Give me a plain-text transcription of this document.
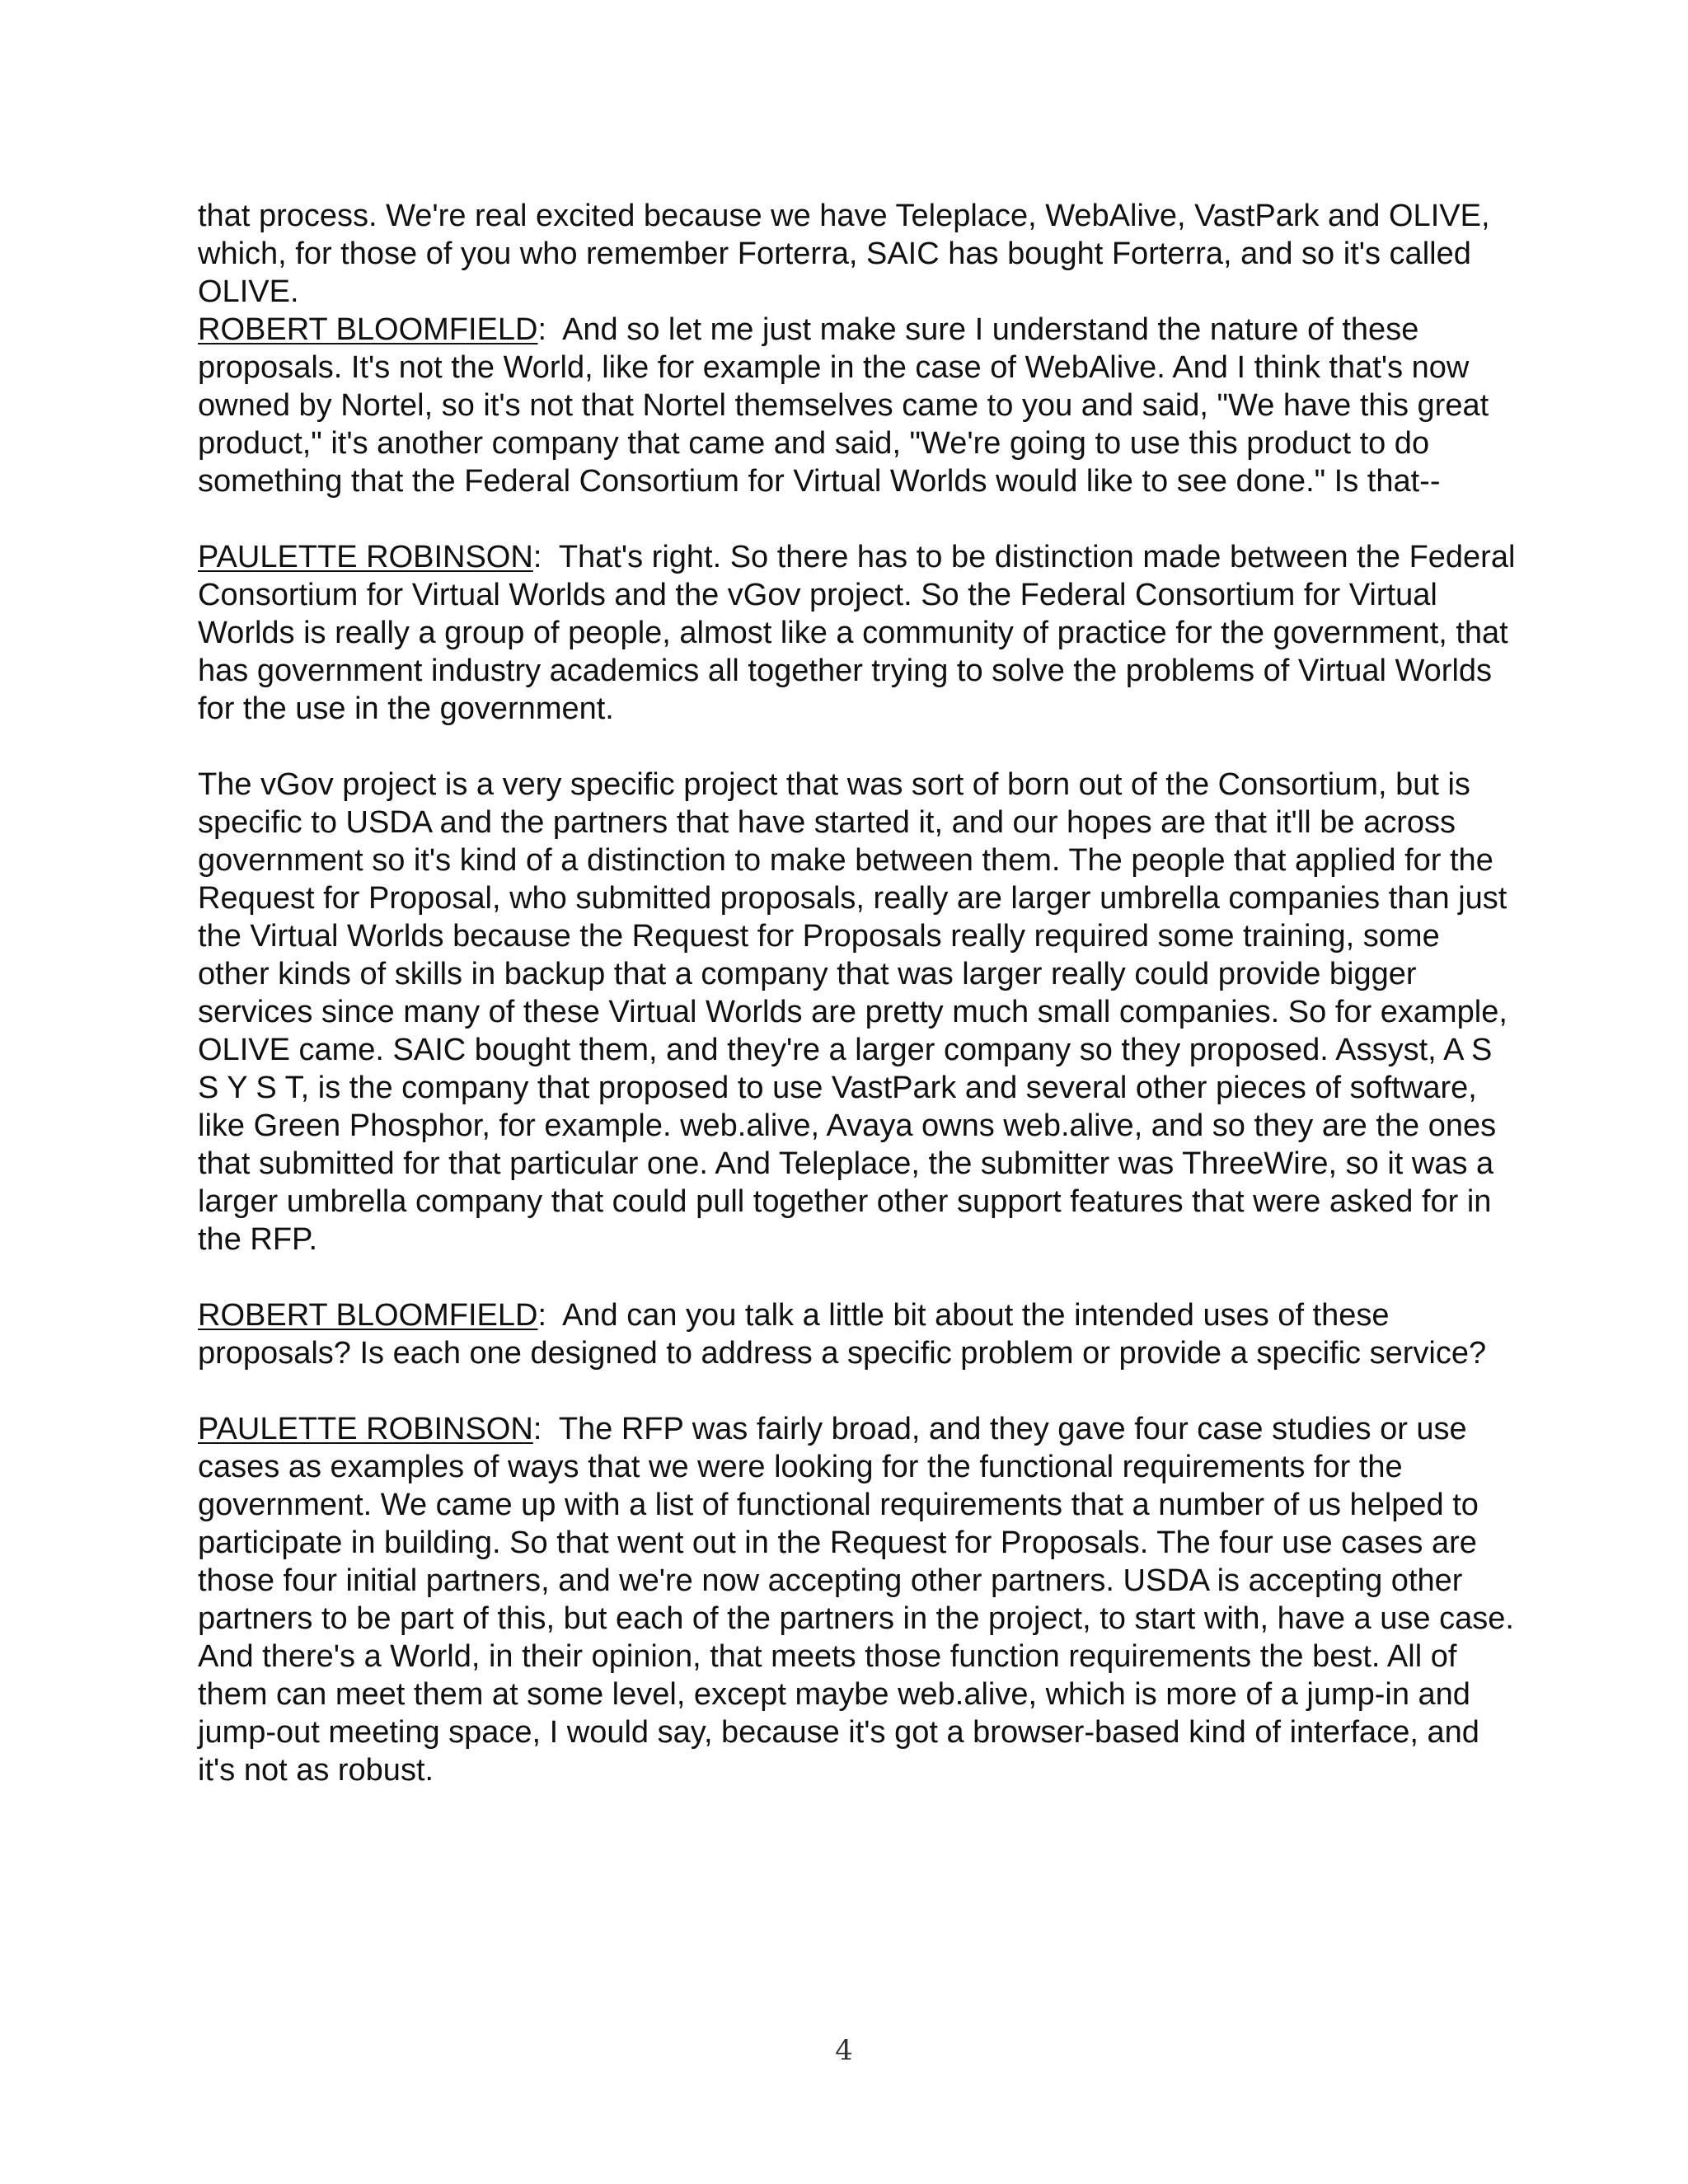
that process. We're real excited because we have Teleplace, WebAlive, VastPark and OLIVE, which, for those of you who remember Forterra, SAIC has bought Forterra, and so it's called OLIVE.

ROBERT BLOOMFIELD:  And so let me just make sure I understand the nature of these proposals. It's not the World, like for example in the case of WebAlive. And I think that's now owned by Nortel, so it's not that Nortel themselves came to you and said, "We have this great product," it's another company that came and said, "We're going to use this product to do something that the Federal Consortium for Virtual Worlds would like to see done." Is that--

PAULETTE ROBINSON:  That's right. So there has to be distinction made between the Federal Consortium for Virtual Worlds and the vGov project. So the Federal Consortium for Virtual Worlds is really a group of people, almost like a community of practice for the government, that has government industry academics all together trying to solve the problems of Virtual Worlds for the use in the government.

The vGov project is a very specific project that was sort of born out of the Consortium, but is specific to USDA and the partners that have started it, and our hopes are that it'll be across government so it's kind of a distinction to make between them. The people that applied for the Request for Proposal, who submitted proposals, really are larger umbrella companies than just the Virtual Worlds because the Request for Proposals really required some training, some other kinds of skills in backup that a company that was larger really could provide bigger services since many of these Virtual Worlds are pretty much small companies. So for example, OLIVE came. SAIC bought them, and they're a larger company so they proposed. Assyst, A S S Y S T, is the company that proposed to use VastPark and several other pieces of software, like Green Phosphor, for example. web.alive, Avaya owns web.alive, and so they are the ones that submitted for that particular one. And Teleplace, the submitter was ThreeWire, so it was a larger umbrella company that could pull together other support features that were asked for in the RFP.

ROBERT BLOOMFIELD:  And can you talk a little bit about the intended uses of these proposals? Is each one designed to address a specific problem or provide a specific service?

PAULETTE ROBINSON:  The RFP was fairly broad, and they gave four case studies or use cases as examples of ways that we were looking for the functional requirements for the government. We came up with a list of functional requirements that a number of us helped to participate in building. So that went out in the Request for Proposals. The four use cases are those four initial partners, and we're now accepting other partners. USDA is accepting other partners to be part of this, but each of the partners in the project, to start with, have a use case. And there's a World, in their opinion, that meets those function requirements the best. All of them can meet them at some level, except maybe web.alive, which is more of a jump-in and jump-out meeting space, I would say, because it's got a browser-based kind of interface, and it's not as robust.

4
